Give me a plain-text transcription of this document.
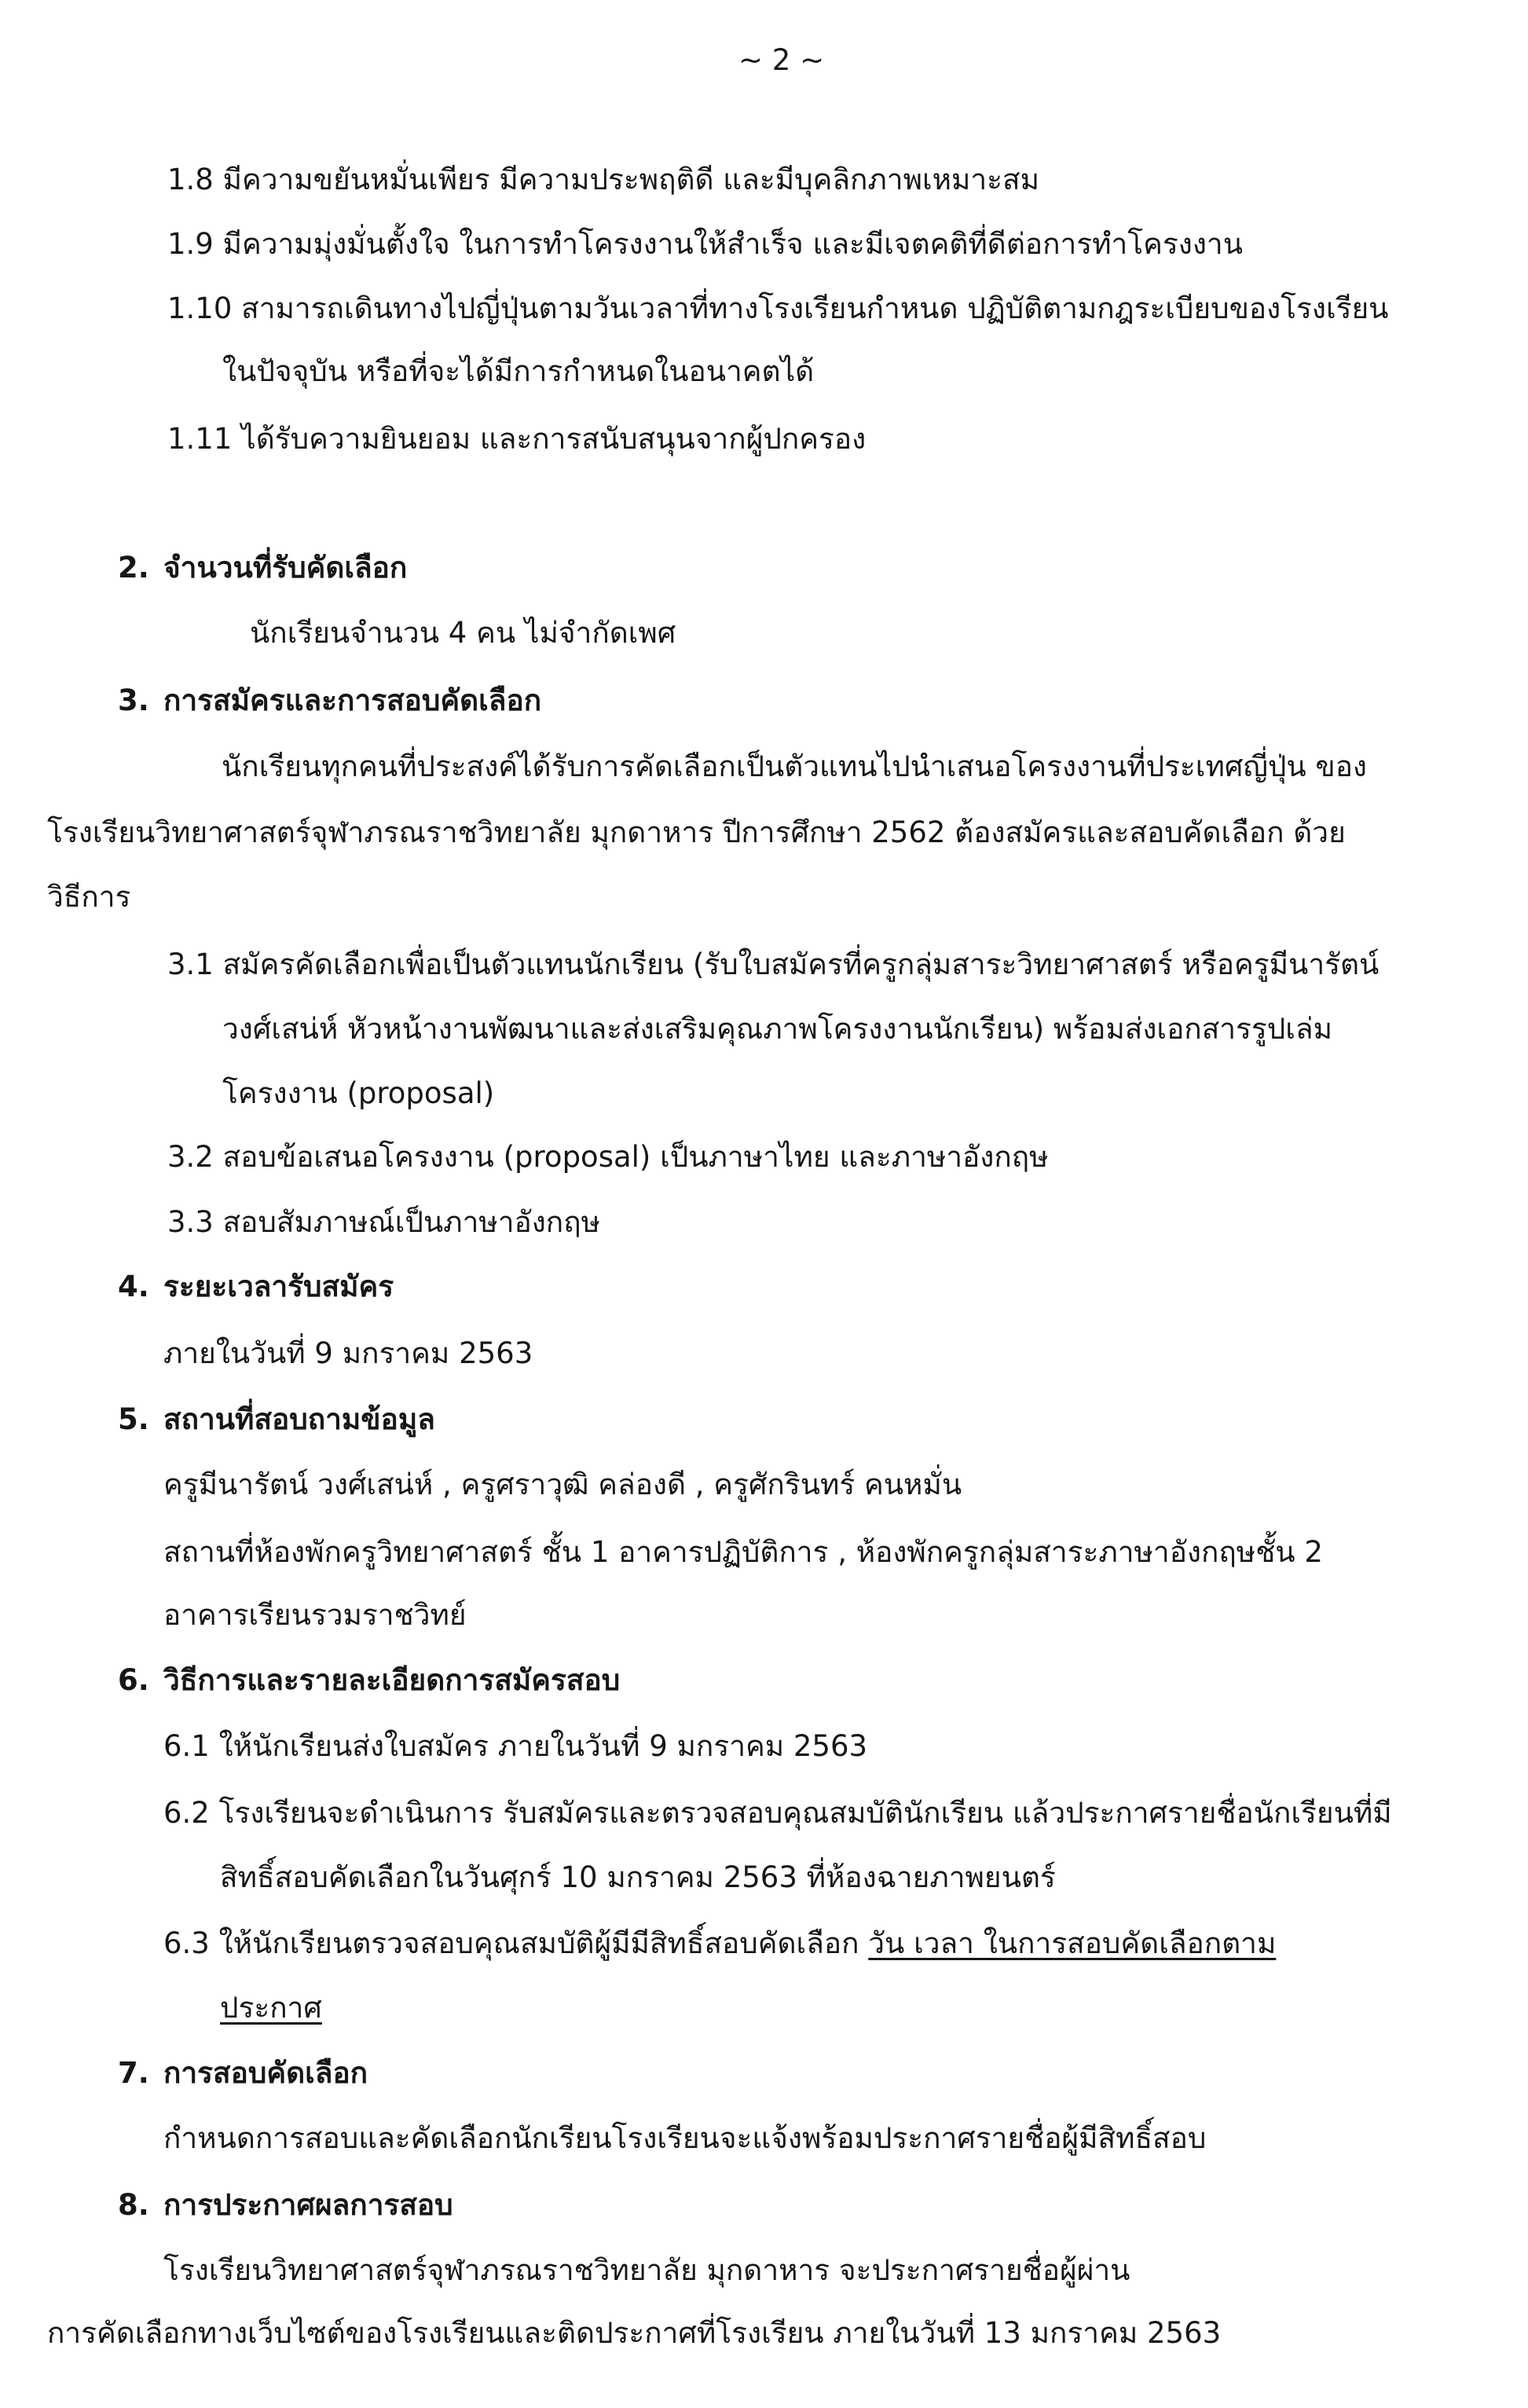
~ 2 ~
1.8 มีความขยันหมั่นเพียร มีความประพฤติดี และมีบุคลิกภาพเหมาะสม
1.9 มีความมุ่งมั่นตั้งใจ ในการทำโครงงานให้สำเร็จ และมีเจตคติที่ดีต่อการทำโครงงาน
1.10 สามารถเดินทางไปญี่ปุ่นตามวันเวลาที่ทางโรงเรียนกำหนด ปฏิบัติตามกฎระเบียบของโรงเรียน
ในปัจจุบัน หรือที่จะได้มีการกำหนดในอนาคตได้
1.11 ได้รับความยินยอม และการสนับสนุนจากผู้ปกครอง
2. จำนวนที่รับคัดเลือก
นักเรียนจำนวน 4 คน ไม่จำกัดเพศ
3. การสมัครและการสอบคัดเลือก
นักเรียนทุกคนที่ประสงค์ได้รับการคัดเลือกเป็นตัวแทนไปนำเสนอโครงงานที่ประเทศญี่ปุ่น ของ
โรงเรียนวิทยาศาสตร์จุฬาภรณราชวิทยาลัย มุกดาหาร ปีการศึกษา 2562 ต้องสมัครและสอบคัดเลือก ด้วย
วิธีการ
3.1 สมัครคัดเลือกเพื่อเป็นตัวแทนนักเรียน (รับใบสมัครที่ครูกลุ่มสาระวิทยาศาสตร์ หรือครูมีนารัตน์
วงศ์เสน่ห์ หัวหน้างานพัฒนาและส่งเสริมคุณภาพโครงงานนักเรียน) พร้อมส่งเอกสารรูปเล่ม
โครงงาน (proposal)
3.2 สอบข้อเสนอโครงงาน (proposal) เป็นภาษาไทย และภาษาอังกฤษ
3.3 สอบสัมภาษณ์เป็นภาษาอังกฤษ
4. ระยะเวลารับสมัคร
ภายในวันที่ 9 มกราคม 2563
5. สถานที่สอบถามข้อมูล
ครูมีนารัตน์ วงศ์เสน่ห์ , ครูศราวุฒิ คล่องดี , ครูศักรินทร์ คนหมั่น
สถานที่ห้องพักครูวิทยาศาสตร์ ชั้น 1 อาคารปฏิบัติการ , ห้องพักครูกลุ่มสาระภาษาอังกฤษชั้น 2
อาคารเรียนรวมราชวิทย์
6. วิธีการและรายละเอียดการสมัครสอบ
6.1 ให้นักเรียนส่งใบสมัคร ภายในวันที่ 9 มกราคม 2563
6.2 โรงเรียนจะดำเนินการ รับสมัครและตรวจสอบคุณสมบัตินักเรียน แล้วประกาศรายชื่อนักเรียนที่มี
สิทธิ์สอบคัดเลือกในวันศุกร์ 10 มกราคม 2563 ที่ห้องฉายภาพยนตร์
6.3 ให้นักเรียนตรวจสอบคุณสมบัติผู้มีมีสิทธิ์สอบคัดเลือก วัน เวลา ในการสอบคัดเลือกตาม
ประกาศ
7. การสอบคัดเลือก
กำหนดการสอบและคัดเลือกนักเรียนโรงเรียนจะแจ้งพร้อมประกาศรายชื่อผู้มีสิทธิ์สอบ
8. การประกาศผลการสอบ
โรงเรียนวิทยาศาสตร์จุฬาภรณราชวิทยาลัย มุกดาหาร จะประกาศรายชื่อผู้ผ่าน
การคัดเลือกทางเว็บไซต์ของโรงเรียนและติดประกาศที่โรงเรียน ภายในวันที่ 13 มกราคม 2563
